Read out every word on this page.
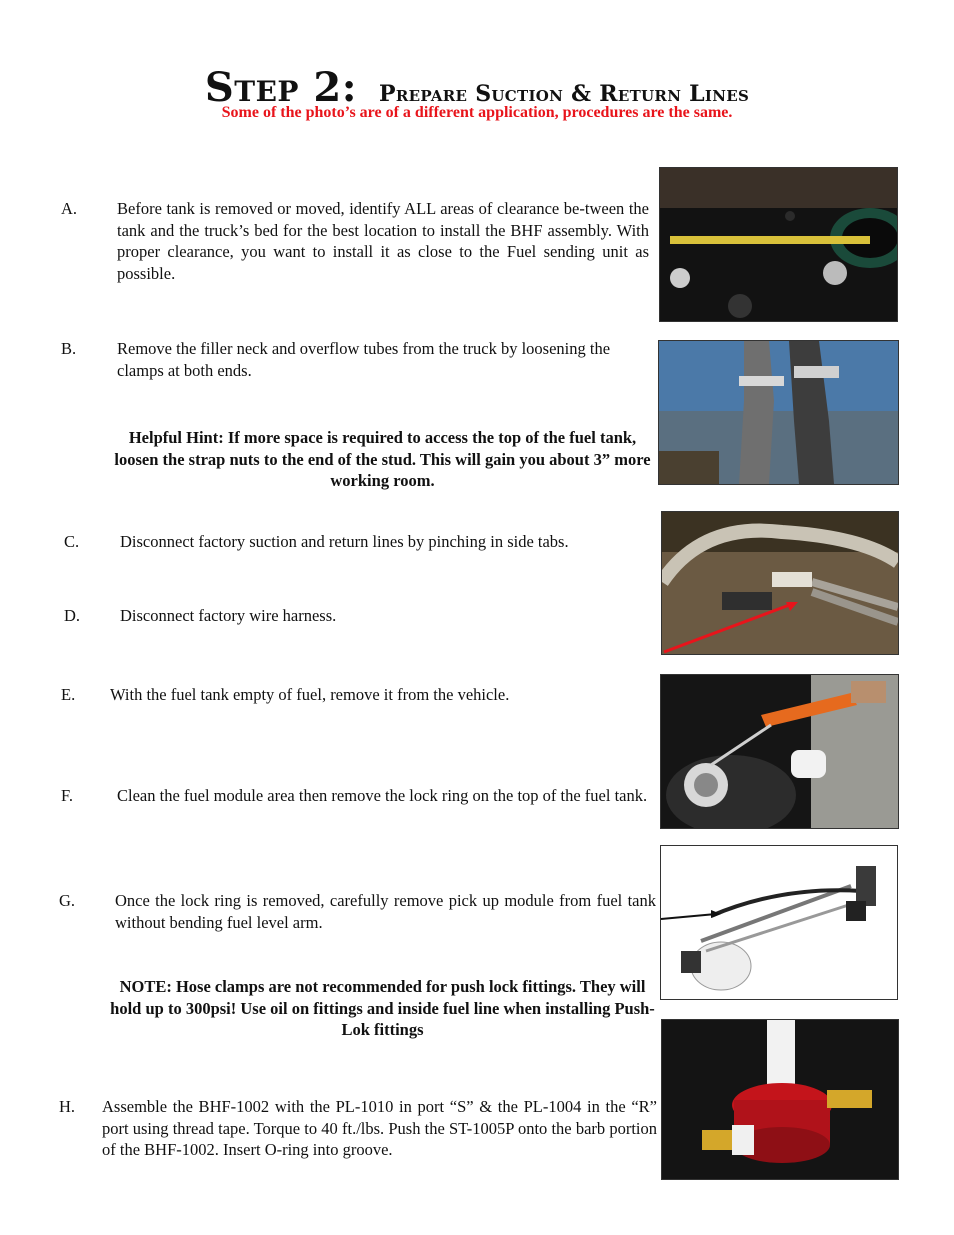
Step 2: Prepare Suction & Return Lines
Some of the photo’s are of a different application, procedures are the same.
A. Before tank is removed or moved, identify ALL areas of clearance be-tween the tank and the truck’s bed for the best location to install the BHF assembly. With proper clearance, you want to install it as close to the Fuel sending unit as possible.
B. Remove the filler neck and overflow tubes from the truck by loosening the clamps at both ends.
Helpful Hint: If more space is required to access the top of the fuel tank, loosen the strap nuts to the end of the stud. This will gain you about 3” more working room.
C. Disconnect factory suction and return lines by pinching in side tabs.
D. Disconnect factory wire harness.
E. With the fuel tank empty of fuel, remove it from the vehicle.
F.	Clean the fuel module area then remove the lock ring on the top of the fuel tank.
G. Once the lock ring is removed, carefully remove pick up module from fuel tank without bending fuel level arm.
NOTE: Hose clamps are not recommended for push lock fittings. They will hold up to 300psi! Use oil on fittings and inside fuel line when installing Push-Lok fittings
H. Assemble the BHF-1002 with the PL-1010 in port “S” & the PL-1004 in the “R” port using thread tape. Torque to 40 ft./lbs. Push the ST-1005P onto the barb portion of the BHF-1002. Insert O-ring into groove.
